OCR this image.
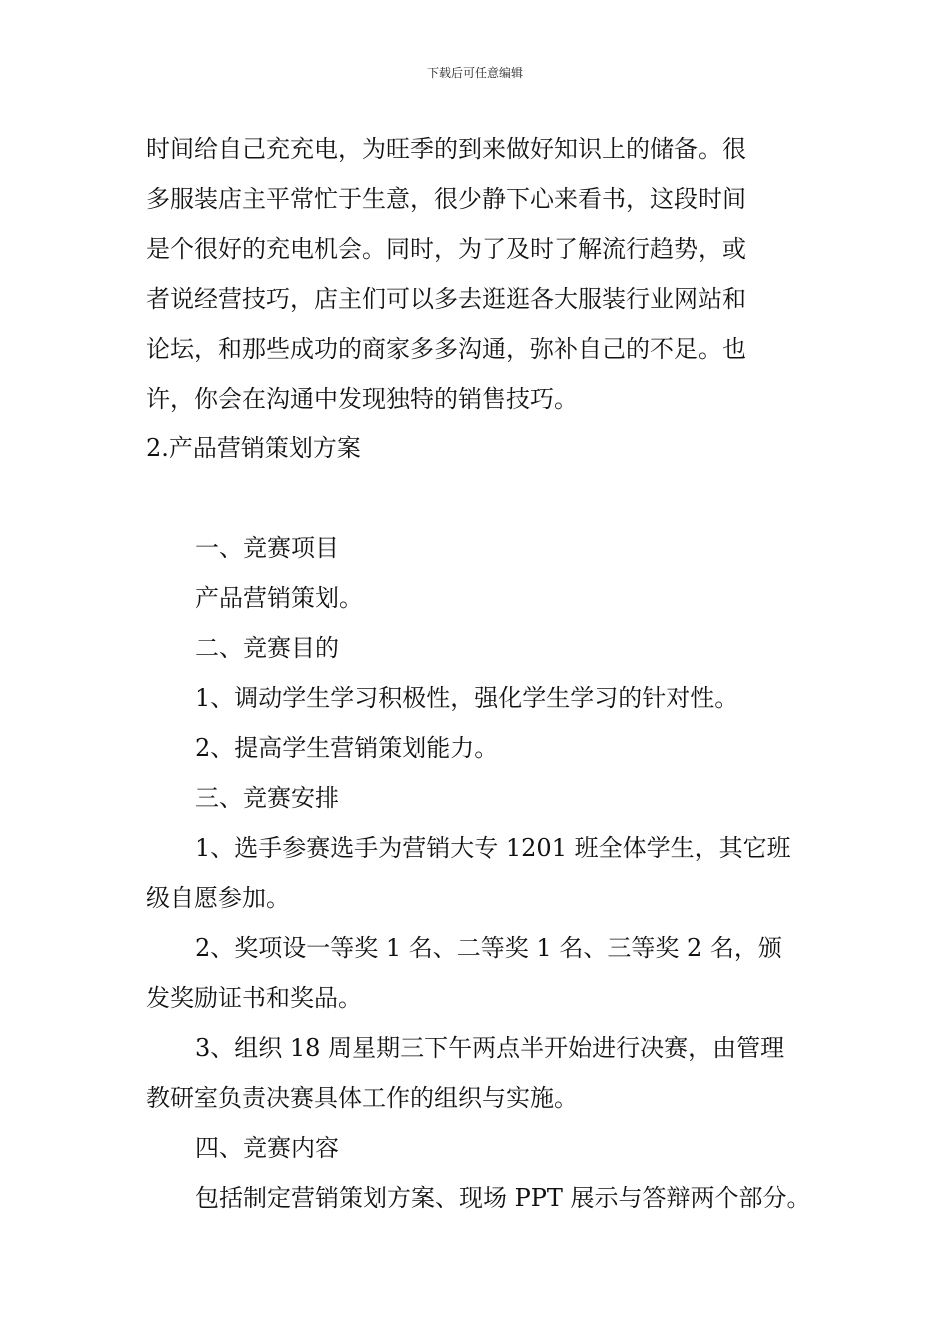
下载后可任意编辑
时间给自己充充电，为旺季的到来做好知识上的储备。很
多服装店主平常忙于生意，很少静下心来看书，这段时间
是个很好的充电机会。同时，为了及时了解流行趋势，或
者说经营技巧，店主们可以多去逛逛各大服装行业网站和
论坛，和那些成功的商家多多沟通，弥补自己的不足。也
许，你会在沟通中发现独特的销售技巧。
2.产品营销策划方案
一、竞赛项目
产品营销策划。
二、竞赛目的
1、调动学生学习积极性，强化学生学习的针对性。
2、提高学生营销策划能力。
三、竞赛安排
1、选手参赛选手为营销大专 1201 班全体学生，其它班
级自愿参加。
2、奖项设一等奖 1 名、二等奖 1 名、三等奖 2 名，颁
发奖励证书和奖品。
3、组织 18 周星期三下午两点半开始进行决赛，由管理
教研室负责决赛具体工作的组织与实施。
四、竞赛内容
包括制定营销策划方案、现场 PPT 展示与答辩两个部分。
